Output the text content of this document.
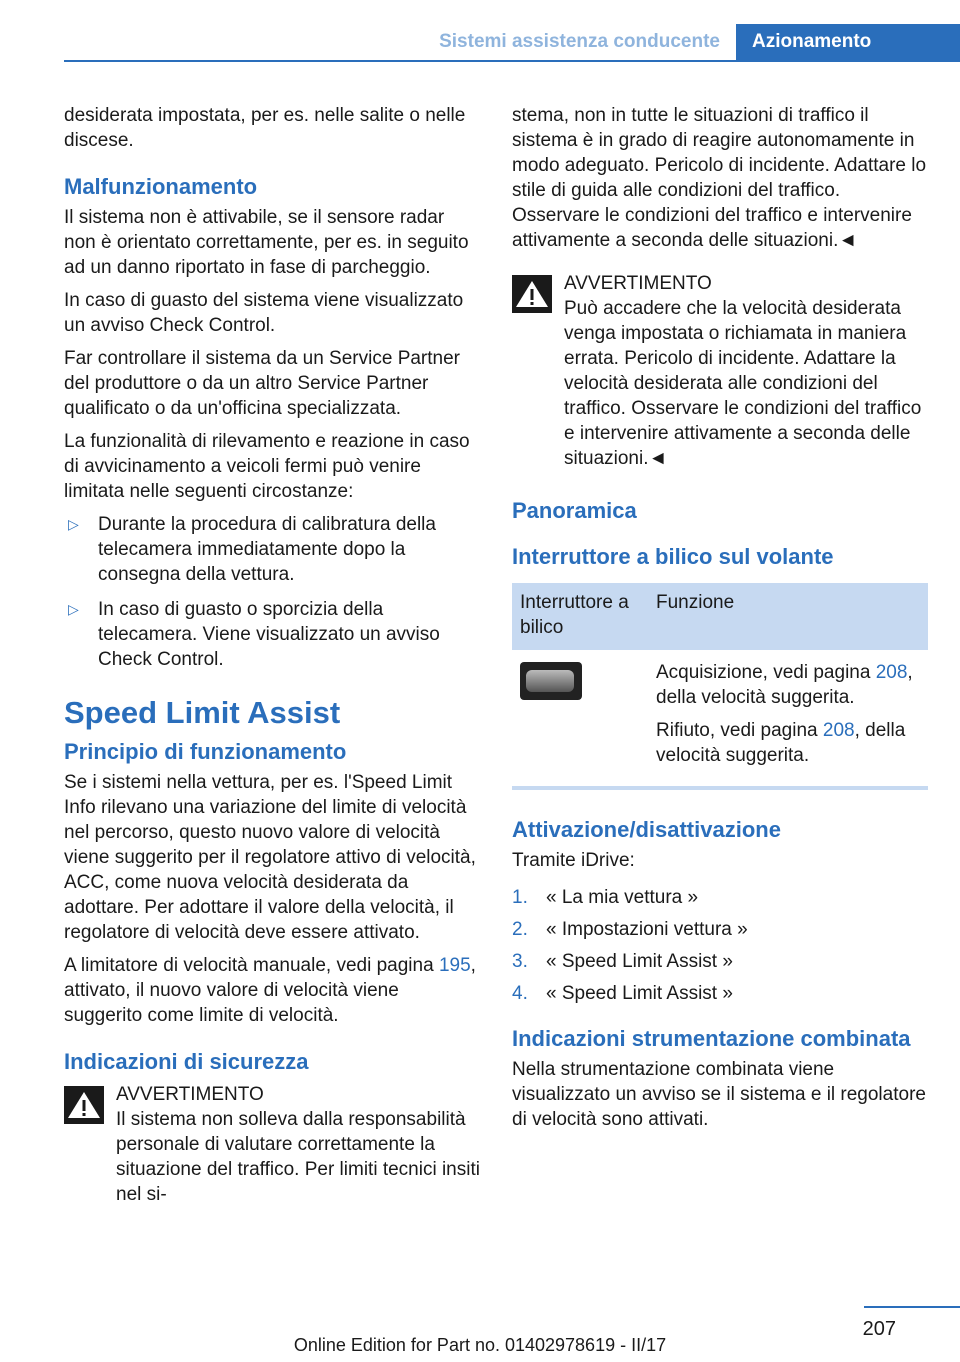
Sistemi assistenza conducente	Azionamento

desiderata impostata, per es. nelle salite o nelle discese.

Malfunzionamento

Il sistema non è attivabile, se il sensore radar non è orientato correttamente, per es. in seguito ad un danno riportato in fase di parcheggio.

In caso di guasto del sistema viene visualizzato un avviso Check Control.

Far controllare il sistema da un Service Partner del produttore o da un altro Service Partner qualificato o da un'officina specializzata.

La funzionalità di rilevamento e reazione in caso di avvicinamento a veicoli fermi può venire limitata nelle seguenti circostanze:

▷ Durante la procedura di calibratura della telecamera immediatamente dopo la consegna della vettura.
▷ In caso di guasto o sporcizia della telecamera. Viene visualizzato un avviso Check Control.
Speed Limit Assist
Principio di funzionamento

Se i sistemi nella vettura, per es. l'Speed Limit Info rilevano una variazione del limite di velocità nel percorso, questo nuovo valore di velocità viene suggerito per il regolatore attivo di velocità, ACC, come nuova velocità desiderata da adottare. Per adottare il valore della velocità, il regolatore di velocità deve essere attivato.

A limitatore di velocità manuale, vedi pagina 195, attivato, il nuovo valore di velocità viene suggerito come limite di velocità.

Indicazioni di sicurezza

AVVERTIMENTO

Il sistema non solleva dalla responsabilità personale di valutare correttamente la situazione del traffico. Per limiti tecnici insiti nel si-

stema, non in tutte le situazioni di traffico il sistema è in grado di reagire autonomamente in modo adeguato. Pericolo di incidente. Adattare lo stile di guida alle condizioni del traffico. Osservare le condizioni del traffico e intervenire attivamente a seconda delle situazioni.◄

AVVERTIMENTO

Può accadere che la velocità desiderata venga impostata o richiamata in maniera errata. Pericolo di incidente. Adattare la velocità desiderata alle condizioni del traffico. Osservare le condizioni del traffico e intervenire attivamente a seconda delle situazioni.◄

Panoramica
Interruttore a bilico sul volante
Interruttore a bilico	Funzione

	Acquisizione, vedi pagina 208, della velocità suggerita.

Rifiuto, vedi pagina 208, della velocità suggerita.

Attivazione/disattivazione

Tramite iDrive:

1. « La mia vettura »
2. « Impostazioni vettura »
3. « Speed Limit Assist »
4. « Speed Limit Assist »
Indicazioni strumentazione combinata

Nella strumentazione combinata viene visualizzato un avviso se il sistema e il regolatore di velocità sono attivati.

207
Online Edition for Part no. 01402978619 - II/17
